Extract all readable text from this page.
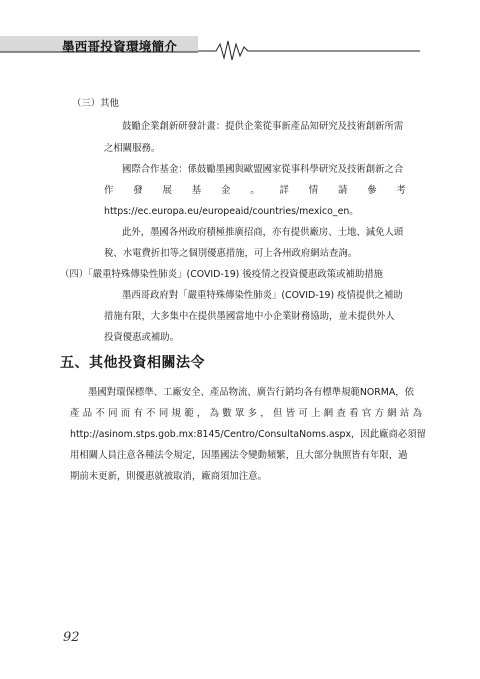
墨西哥投資環境簡介
（三）其他
鼓勵企業創新研發計畫：提供企業從事新產品知研究及技術創新所需
之相關服務。
國際合作基金：係鼓勵墨國與歐盟國家從事科學研究及技術創新之合
作 發 展 基 金 。 詳 情 請 參 考
https://ec.europa.eu/europeaid/countries/mexico_en。
此外，墨國各州政府積極推廣招商，亦有提供廠房、土地、減免人頭
稅、水電費折扣等之個別優惠措施，可上各州政府網站查詢。
（四）「嚴重特殊傳染性肺炎」(COVID-19) 後疫情之投資優惠政策或補助措施
墨西哥政府對「嚴重特殊傳染性肺炎」(COVID-19) 疫情提供之補助
措施有限，大多集中在提供墨國當地中小企業財務協助，並未提供外人
投資優惠或補助。
五、其他投資相關法令
墨國對環保標準、工廠安全、產品物流、廣告行銷均各有標準規範NORMA，依
產 品 不 同 而 有 不 同 規 範 ， 為 數 眾 多 ， 但 皆 可 上 網 查 看 官 方 網 站 為
http://asinom.stps.gob.mx:8145/Centro/ConsultaNoms.aspx，因此廠商必須留
用相關人員注意各種法令規定，因墨國法令變動頻繁，且大部分執照皆有年限，過
期前未更新，則優惠就被取消，廠商須加注意。
92
